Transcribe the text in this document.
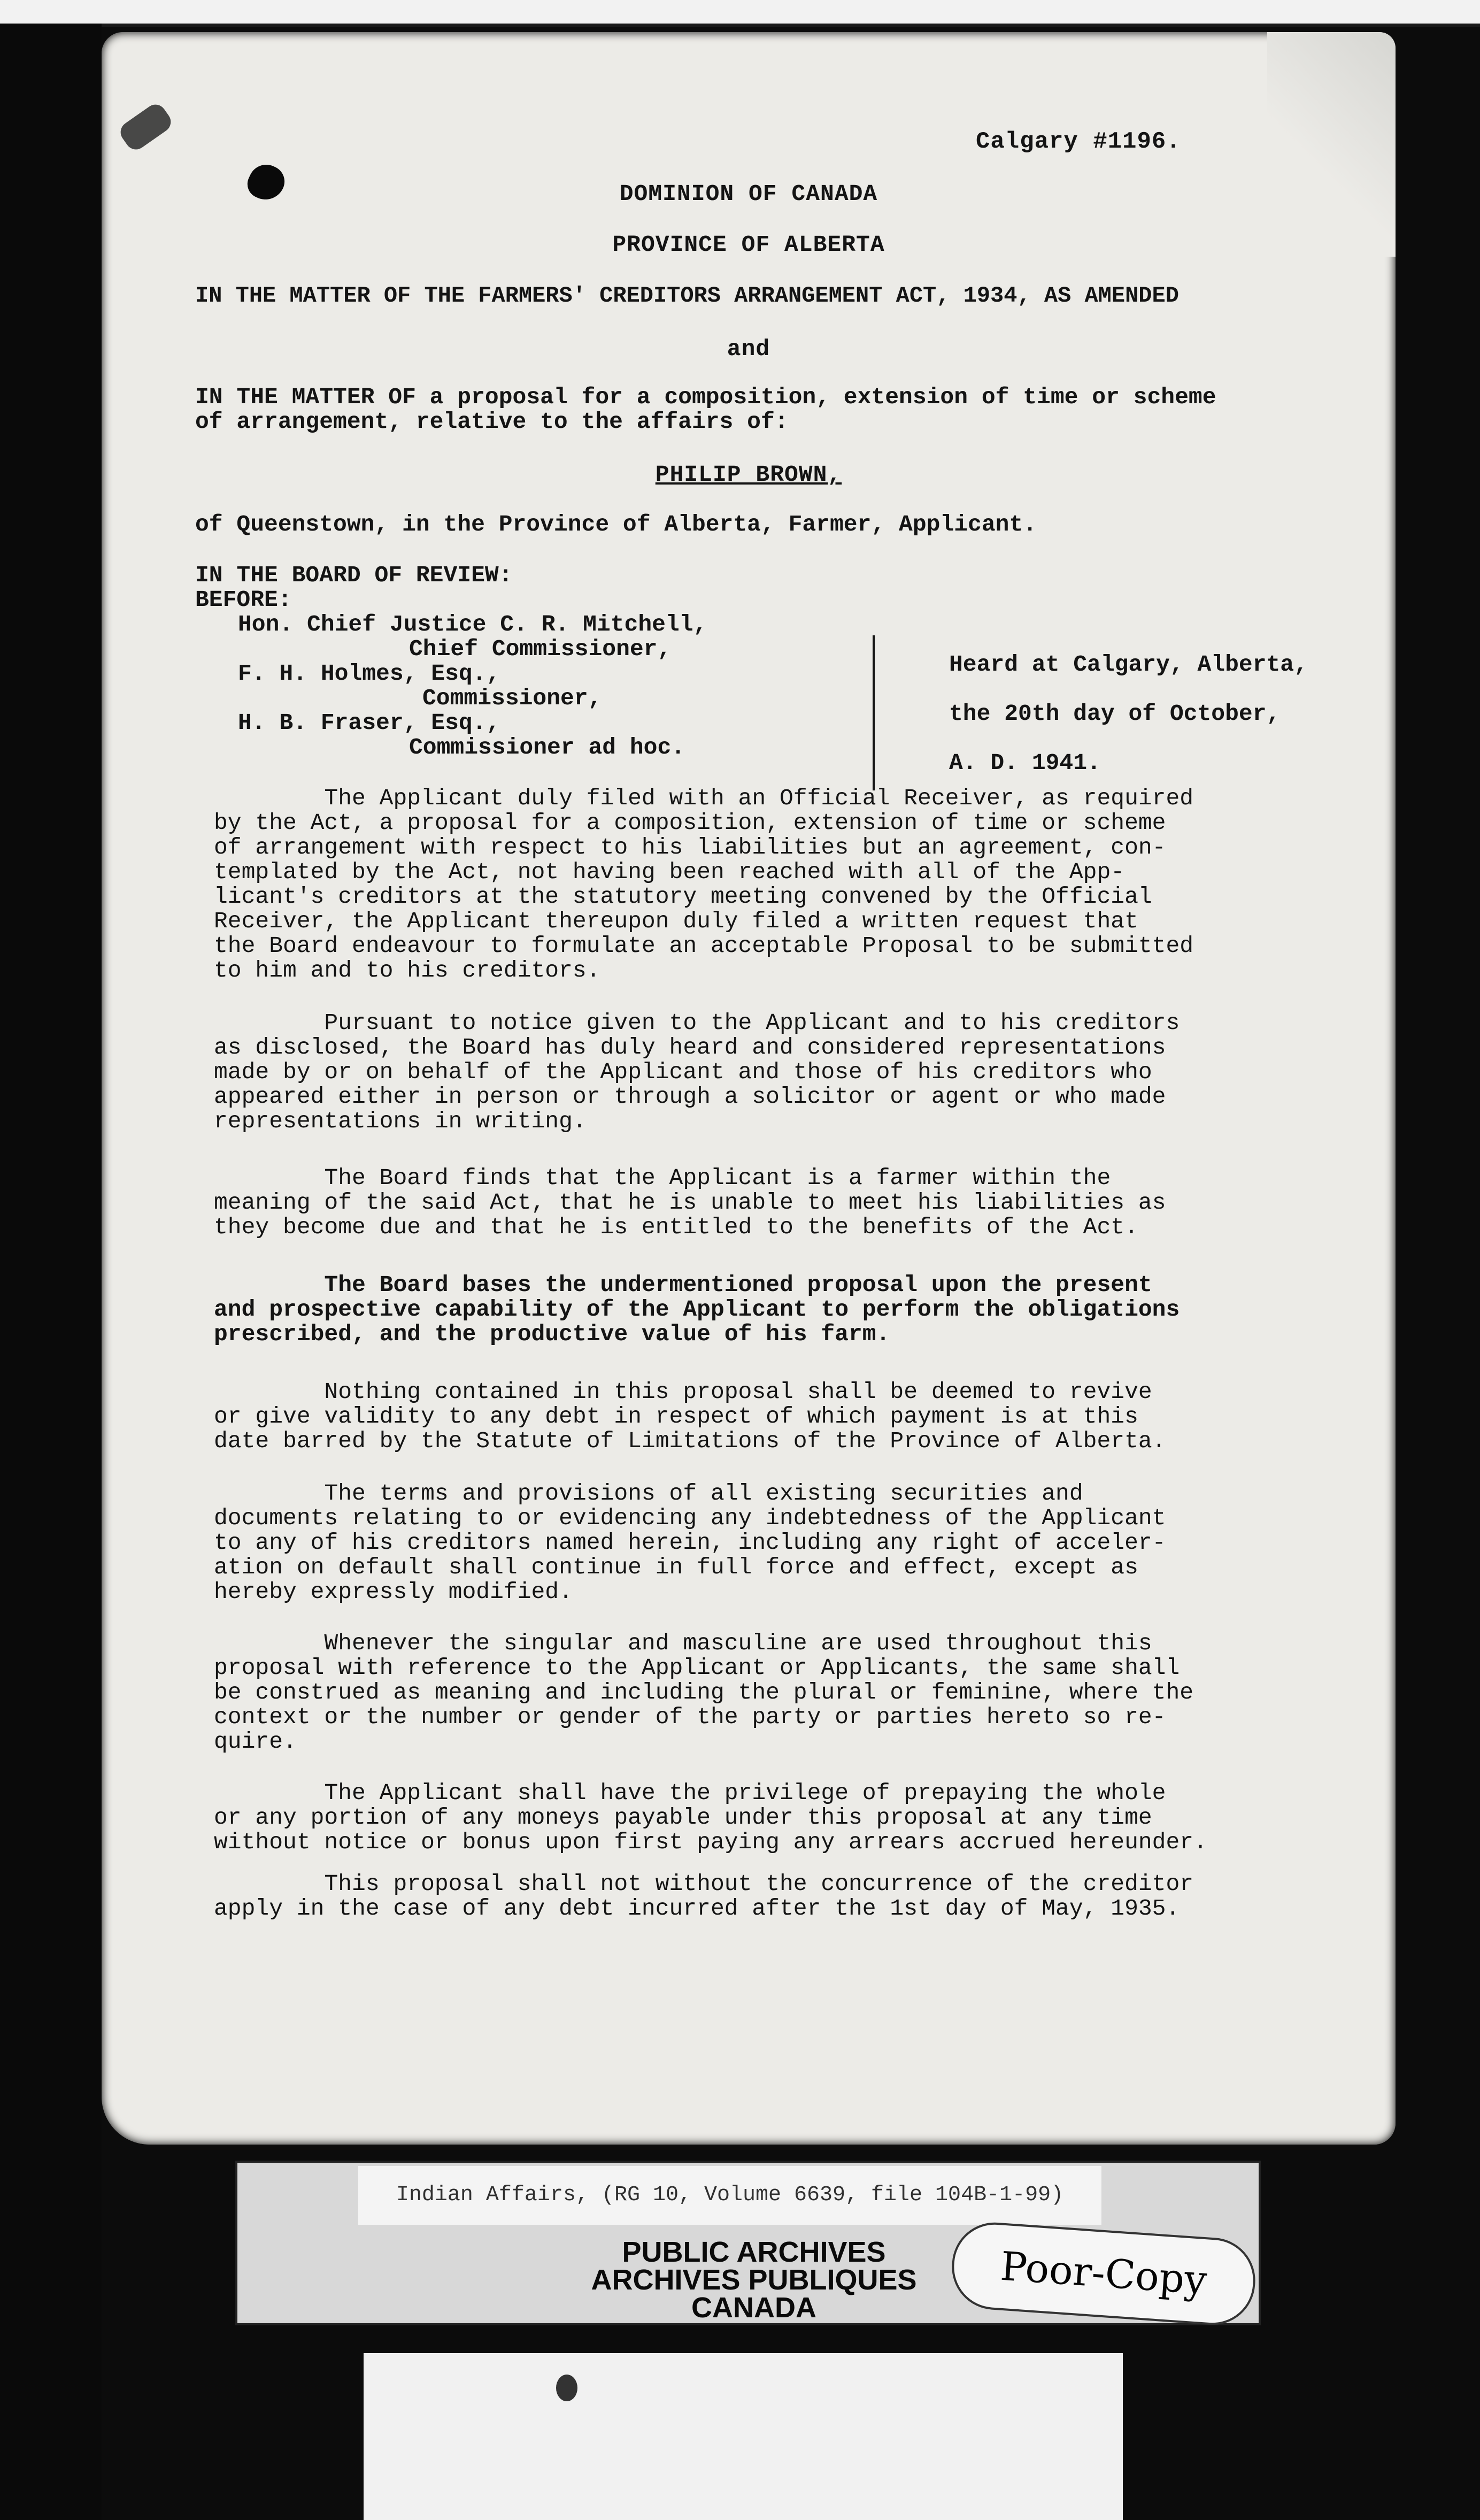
Calgary #1196.
DOMINION OF CANADA
PROVINCE OF ALBERTA
IN THE MATTER OF THE FARMERS' CREDITORS ARRANGEMENT ACT, 1934, AS AMENDED
and
IN THE MATTER OF a proposal for a composition, extension of time or scheme
of arrangement, relative to the affairs of:
PHILIP BROWN,
of Queenstown, in the Province of Alberta, Farmer, Applicant.
IN THE BOARD OF REVIEW:
BEFORE:
Hon. Chief Justice C. R. Mitchell,
Chief Commissioner,
F. H. Holmes, Esq.,
Commissioner,
H. B. Fraser, Esq.,
Commissioner ad hoc.
Heard at Calgary, Alberta,
the 20th day of October,
A. D. 1941.
The Applicant duly filed with an Official Receiver, as required
by the Act, a proposal for a composition, extension of time or scheme
of arrangement with respect to his liabilities but an agreement, con-
templated by the Act, not having been reached with all of the App-
licant's creditors at the statutory meeting convened by the Official
Receiver, the Applicant thereupon duly filed a written request that
the Board endeavour to formulate an acceptable Proposal to be submitted
to him and to his creditors.
Pursuant to notice given to the Applicant and to his creditors
as disclosed, the Board has duly heard and considered representations
made by or on behalf of the Applicant and those of his creditors who
appeared either in person or through a solicitor or agent or who made
representations in writing.
The Board finds that the Applicant is a farmer within the
meaning of the said Act, that he is unable to meet his liabilities as
they become due and that he is entitled to the benefits of the Act.
The Board bases the undermentioned proposal upon the present
and prospective capability of the Applicant to perform the obligations
prescribed, and the productive value of his farm.
Nothing contained in this proposal shall be deemed to revive
or give validity to any debt in respect of which payment is at this
date barred by the Statute of Limitations of the Province of Alberta.
The terms and provisions of all existing securities and
documents relating to or evidencing any indebtedness of the Applicant
to any of his creditors named herein, including any right of acceler-
ation on default shall continue in full force and effect, except as
hereby expressly modified.
Whenever the singular and masculine are used throughout this
proposal with reference to the Applicant or Applicants, the same shall
be construed as meaning and including the plural or feminine, where the
context or the number or gender of the party or parties hereto so re-
quire.
The Applicant shall have the privilege of prepaying the whole
or any portion of any moneys payable under this proposal at any time
without notice or bonus upon first paying any arrears accrued hereunder.
This proposal shall not without the concurrence of the creditor
apply in the case of any debt incurred after the 1st day of May, 1935.
Indian Affairs, (RG 10, Volume 6639, file 104B-1-99)
PUBLIC ARCHIVES
ARCHIVES PUBLIQUES
CANADA
Poor-Copy
